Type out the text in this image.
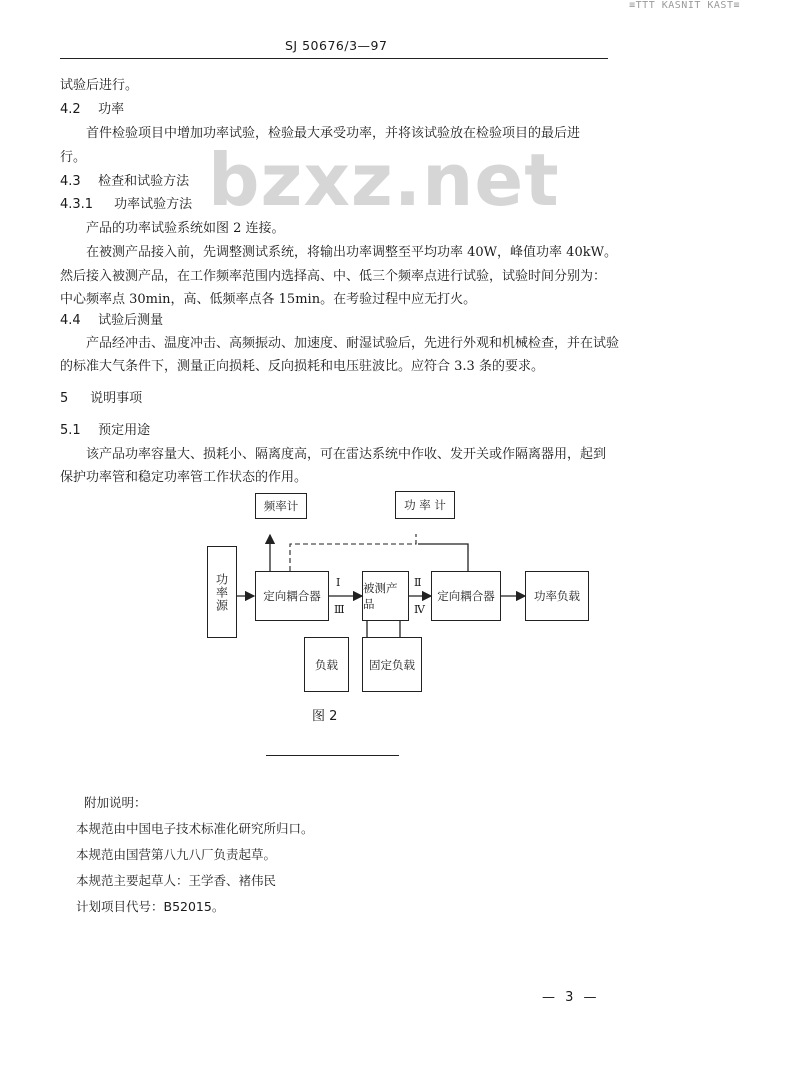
≡TTT KASNIT KAST≡
SJ 50676/3—97
bzxz.net
试验后进行。
4.2 功率
首件检验项目中增加功率试验，检验最大承受功率，并将该试验放在检验项目的最后进
行。
4.3 检查和试验方法
4.3.1 功率试验方法
产品的功率试验系统如图 2 连接。
在被测产品接入前，先调整测试系统，将输出功率调整至平均功率 40W，峰值功率 40kW。
然后接入被测产品，在工作频率范围内选择高、中、低三个频率点进行试验，试验时间分别为：
中心频率点 30min，高、低频率点各 15min。在考验过程中应无打火。
4.4 试验后测量
产品经冲击、温度冲击、高频振动、加速度、耐湿试验后，先进行外观和机械检查，并在试验
的标准大气条件下，测量正向损耗、反向损耗和电压驻波比。应符合 3.3 条的要求。
5 说明事项
5.1 预定用途
该产品功率容量大、损耗小、隔离度高，可在雷达系统中作收、发开关或作隔离器用，起到
保护功率管和稳定功率管工作状态的作用。
频率计	功 率 计
功率源	定向耦合器
被测产品
定向耦合器	功率负载
负载	固定负载
Ⅰ
Ⅲ
Ⅱ
Ⅳ
图 2
附加说明：
本规范由中国电子技术标准化研究所归口。
本规范由国营第八九八厂负责起草。
本规范主要起草人：王学香、褚伟民
计划项目代号：B52015。
— 3 —
